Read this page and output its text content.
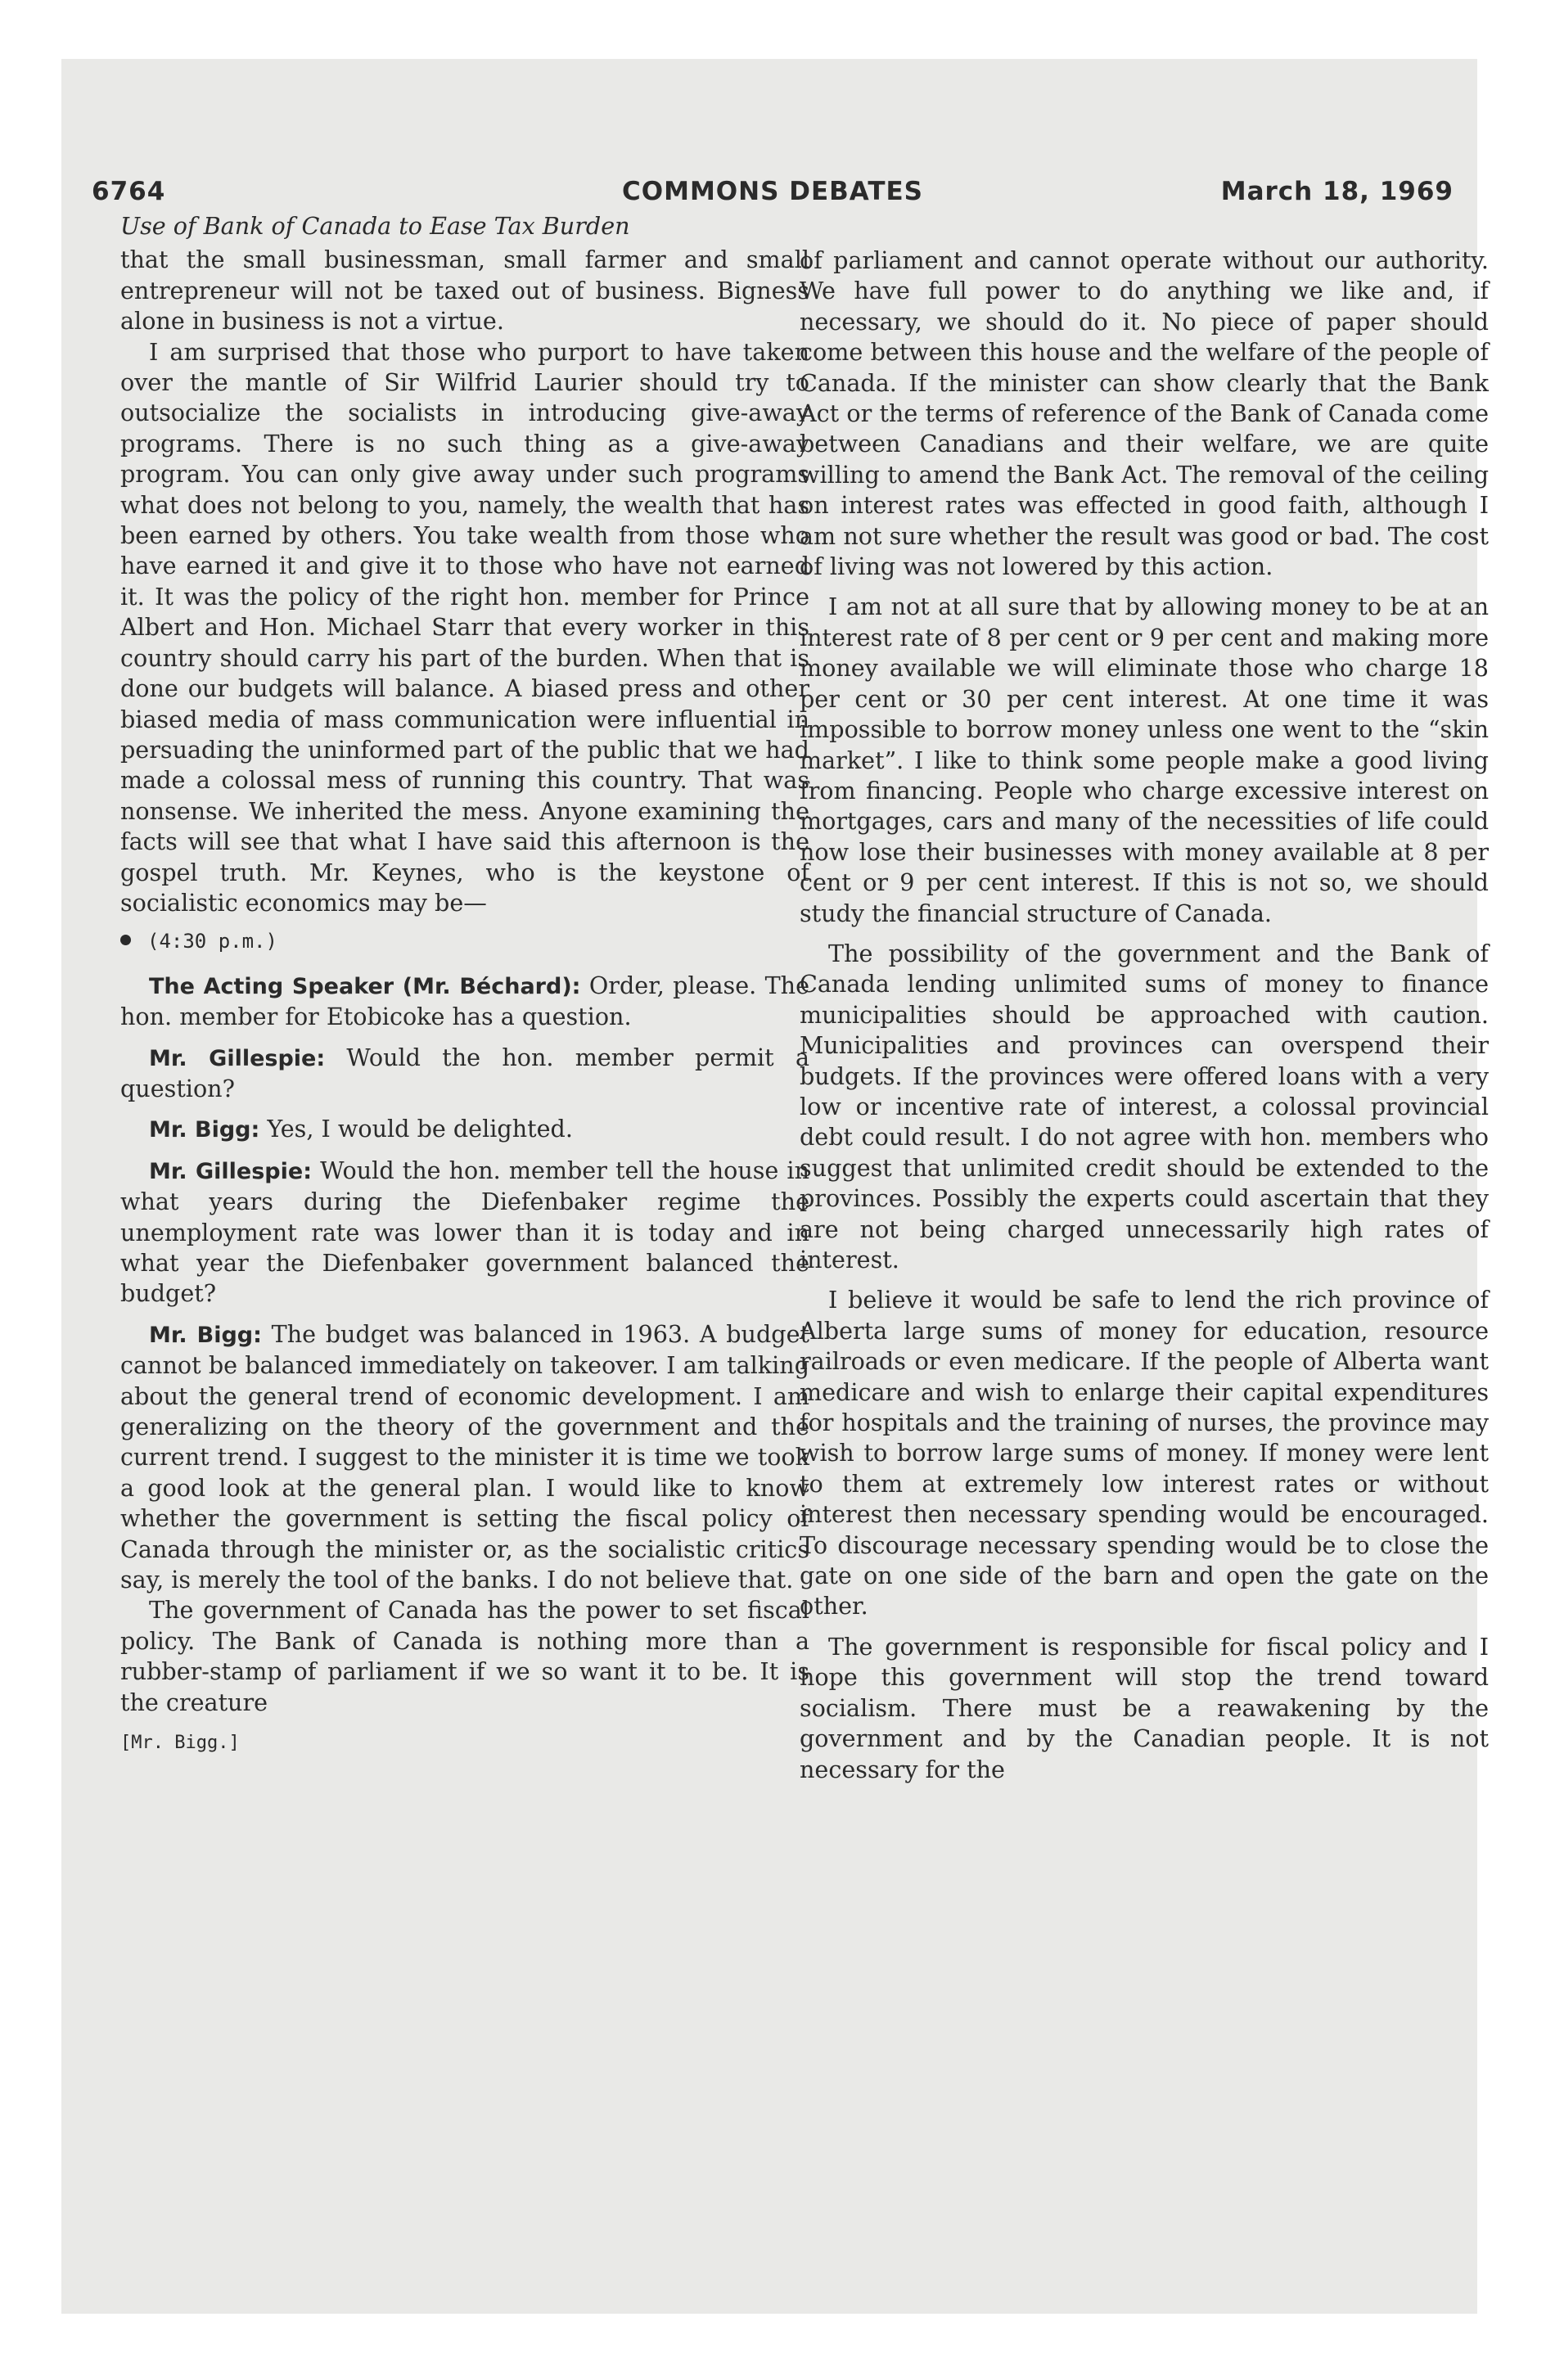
6764	COMMONS DEBATES	March 18, 1969
Use of Bank of Canada to Ease Tax Burden

that the small businessman, small farmer and small entrepreneur will not be taxed out of business. Bigness alone in business is not a virtue.

I am surprised that those who purport to have taken over the mantle of Sir Wilfrid Laurier should try to outsocialize the socialists in introducing give-away programs. There is no such thing as a give-away program. You can only give away under such programs what does not belong to you, namely, the wealth that has been earned by others. You take wealth from those who have earned it and give it to those who have not earned it. It was the policy of the right hon. member for Prince Albert and Hon. Michael Starr that every worker in this country should carry his part of the burden. When that is done our budgets will balance. A biased press and other biased media of mass communication were influential in persuading the uninformed part of the public that we had made a colossal mess of running this country. That was nonsense. We inherited the mess. Anyone examining the facts will see that what I have said this afternoon is the gospel truth. Mr. Keynes, who is the keystone of socialistic economics may be—

(4:30 p.m.)

The Acting Speaker (Mr. Béchard): Order, please. The hon. member for Etobicoke has a question.

Mr. Gillespie: Would the hon. member permit a question?

Mr. Bigg: Yes, I would be delighted.

Mr. Gillespie: Would the hon. member tell the house in what years during the Diefenbaker regime the unemployment rate was lower than it is today and in what year the Diefenbaker government balanced the budget?

Mr. Bigg: The budget was balanced in 1963. A budget cannot be balanced immediately on takeover. I am talking about the general trend of economic development. I am generalizing on the theory of the government and the current trend. I suggest to the minister it is time we took a good look at the general plan. I would like to know whether the government is setting the fiscal policy of Canada through the minister or, as the socialistic critics say, is merely the tool of the banks. I do not believe that.

The government of Canada has the power to set fiscal policy. The Bank of Canada is nothing more than a rubber-stamp of parliament if we so want it to be. It is the creature

[Mr. Bigg.]

of parliament and cannot operate without our authority. We have full power to do anything we like and, if necessary, we should do it. No piece of paper should come between this house and the welfare of the people of Canada. If the minister can show clearly that the Bank Act or the terms of reference of the Bank of Canada come between Canadians and their welfare, we are quite willing to amend the Bank Act. The removal of the ceiling on interest rates was effected in good faith, although I am not sure whether the result was good or bad. The cost of living was not lowered by this action.

I am not at all sure that by allowing money to be at an interest rate of 8 per cent or 9 per cent and making more money available we will eliminate those who charge 18 per cent or 30 per cent interest. At one time it was impossible to borrow money unless one went to the “skin market”. I like to think some people make a good living from financing. People who charge excessive interest on mortgages, cars and many of the necessities of life could now lose their businesses with money available at 8 per cent or 9 per cent interest. If this is not so, we should study the financial structure of Canada.

The possibility of the government and the Bank of Canada lending unlimited sums of money to finance municipalities should be approached with caution. Municipalities and provinces can overspend their budgets. If the provinces were offered loans with a very low or incentive rate of interest, a colossal provincial debt could result. I do not agree with hon. members who suggest that unlimited credit should be extended to the provinces. Possibly the experts could ascertain that they are not being charged unnecessarily high rates of interest.

I believe it would be safe to lend the rich province of Alberta large sums of money for education, resource railroads or even medicare. If the people of Alberta want medicare and wish to enlarge their capital expenditures for hospitals and the training of nurses, the province may wish to borrow large sums of money. If money were lent to them at extremely low interest rates or without interest then necessary spending would be encouraged. To discourage necessary spending would be to close the gate on one side of the barn and open the gate on the other.

The government is responsible for fiscal policy and I hope this government will stop the trend toward socialism. There must be a reawakening by the government and by the Canadian people. It is not necessary for the
